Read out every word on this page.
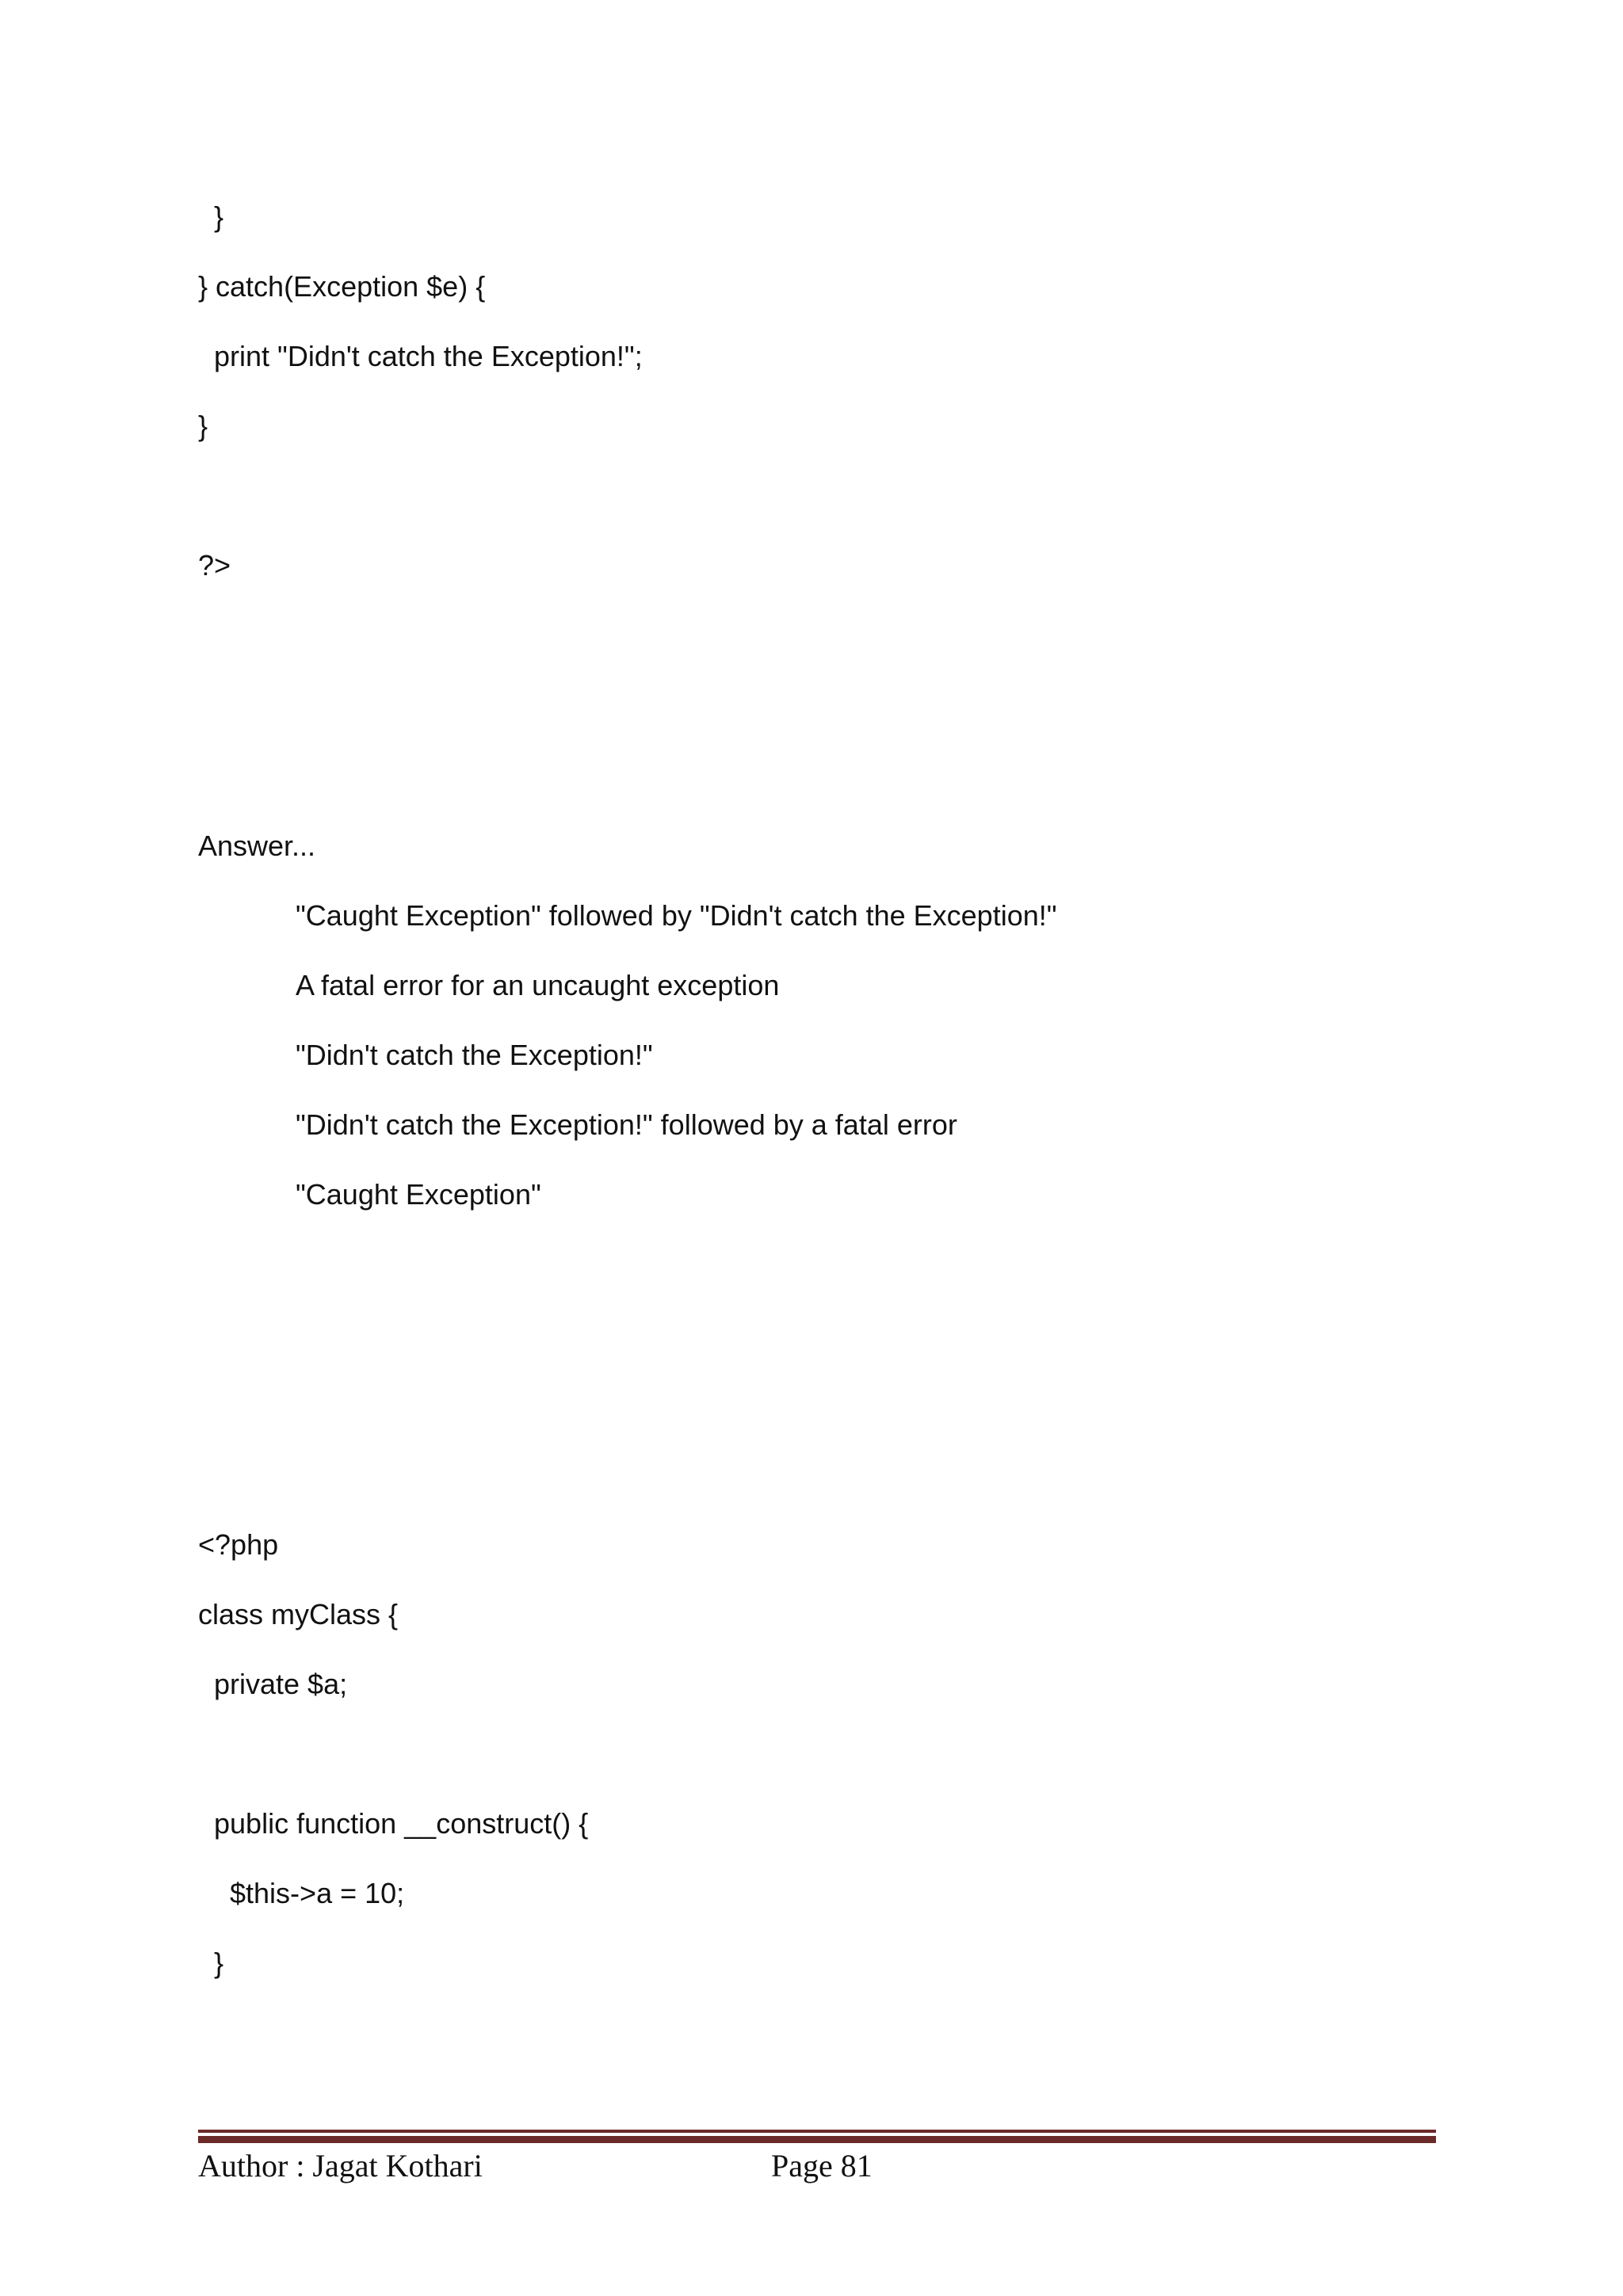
}

} catch(Exception $e) {

print "Didn't catch the Exception!";

}

?>

Answer...

"Caught Exception" followed by "Didn't catch the Exception!"

A fatal error for an uncaught exception

"Didn't catch the Exception!"

"Didn't catch the Exception!" followed by a fatal error

"Caught Exception"

<?php

class myClass {

private $a;

public function __construct() {

$this->a = 10;

}

Author : Jagat Kothari	Page 81
